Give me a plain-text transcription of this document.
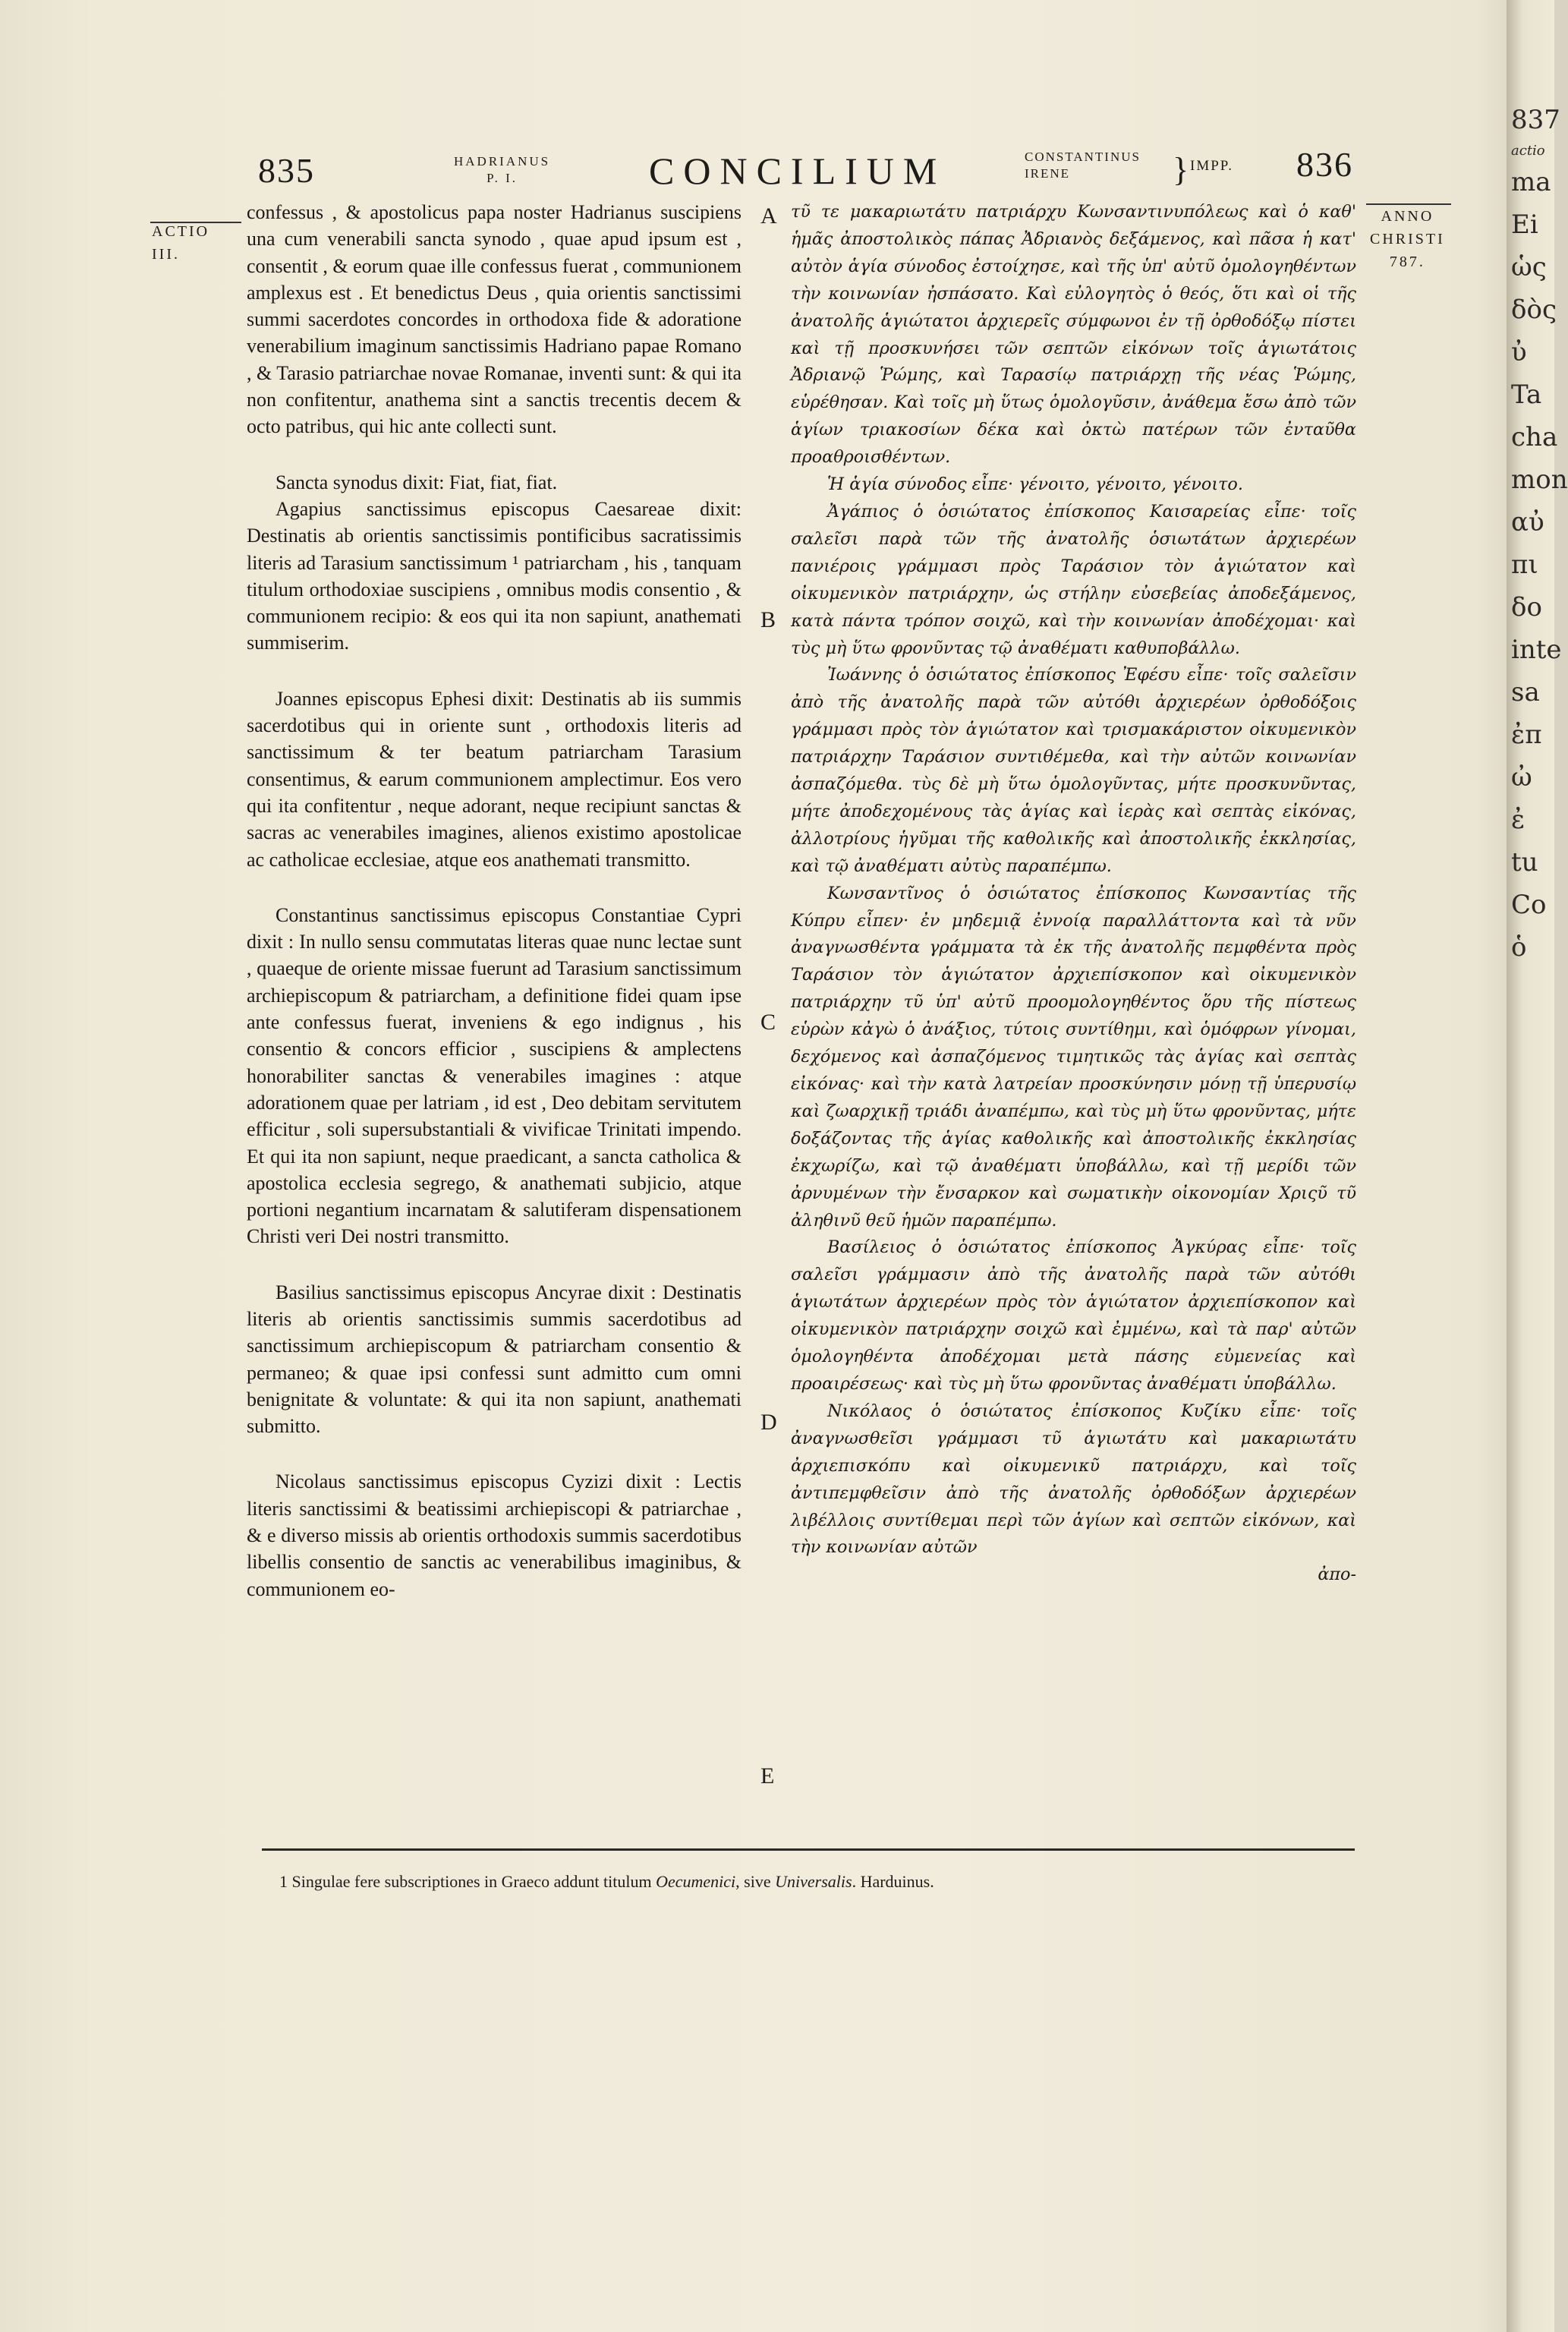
835	HADRIANUS
P. I.	CONCILIUM	CONSTANTINUS
IRENE	} IMPP. 836
ACTIO
III.
ANNO
CHRISTI
787.
A
B
C
D
E

confessus , & apostolicus papa noster Hadrianus suscipiens una cum venerabili sancta synodo , quae apud ipsum est , consentit , & eorum quae ille confessus fuerat , communionem amplexus est . Et benedictus Deus , quia orientis sanctissimi summi sacerdotes concordes in orthodoxa fide & adoratione venerabilium imaginum sanctissimis Hadriano papae Romano , & Tarasio patriarchae novae Romanae, inventi sunt: & qui ita non confitentur, anathema sint a sanctis trecentis decem & octo patribus, qui hic ante collecti sunt.

Sancta synodus dixit: Fiat, fiat, fiat.

Agapius sanctissimus episcopus Caesareae dixit: Destinatis ab orientis sanctissimis pontificibus sacratissimis literis ad Tarasium sanctissimum ¹ patriarcham , his , tanquam titulum orthodoxiae suscipiens , omnibus modis consentio , & communionem recipio: & eos qui ita non sapiunt, anathemati summiserim.

Joannes episcopus Ephesi dixit: Destinatis ab iis summis sacerdotibus qui in oriente sunt , orthodoxis literis ad sanctissimum & ter beatum patriarcham Tarasium consentimus, & earum communionem amplectimur. Eos vero qui ita confitentur , neque adorant, neque recipiunt sanctas & sacras ac venerabiles imagines, alienos existimo apostolicae ac catholicae ecclesiae, atque eos anathemati transmitto.

Constantinus sanctissimus episcopus Constantiae Cypri dixit : In nullo sensu commutatas literas quae nunc lectae sunt , quaeque de oriente missae fuerunt ad Tarasium sanctissimum archiepiscopum & patriarcham, a definitione fidei quam ipse ante confessus fuerat, inveniens & ego indignus , his consentio & concors efficior , suscipiens & amplectens honorabiliter sanctas & venerabiles imagines : atque adorationem quae per latriam , id est , Deo debitam servitutem efficitur , soli supersubstantiali & vivificae Trinitati impendo. Et qui ita non sapiunt, neque praedicant, a sancta catholica & apostolica ecclesia segrego, & anathemati subjicio, atque portioni negantium incarnatam & salutiferam dispensationem Christi veri Dei nostri transmitto.

Basilius sanctissimus episcopus Ancyrae dixit : Destinatis literis ab orientis sanctissimis summis sacerdotibus ad sanctissimum archiepiscopum & patriarcham consentio & permaneo; & quae ipsi confessi sunt admitto cum omni benignitate & voluntate: & qui ita non sapiunt, anathemati submitto.

Nicolaus sanctissimus episcopus Cyzizi dixit : Lectis literis sanctissimi & beatissimi archiepiscopi & patriarchae , & e diverso missis ab orientis orthodoxis summis sacerdotibus libellis consentio de sanctis ac venerabilibus imaginibus, & communionem eo-

τῦ τε μακαριωτάτυ πατριάρχυ Κωνσαντινυπόλεως καὶ ὁ καθ' ἡμᾶς ἀποστολικὸς πάπας Ἀδριανὸς δεξάμενος, καὶ πᾶσα ἡ κατ' αὐτὸν ἁγία σύνοδος ἐστοίχησε, καὶ τῆς ὑπ' αὐτῦ ὁμολογηθέντων τὴν κοινωνίαν ἠσπάσατο. Καὶ εὐλογητὸς ὁ θεός, ὅτι καὶ οἱ τῆς ἀνατολῆς ἁγιώτατοι ἀρχιερεῖς σύμφωνοι ἐν τῇ ὀρθοδόξῳ πίστει καὶ τῇ προσκυνήσει τῶν σεπτῶν εἰκόνων τοῖς ἁγιωτάτοις Ἀδριανῷ Ῥώμης, καὶ Ταρασίῳ πατριάρχῃ τῆς νέας Ῥώμης, εὑρέθησαν. Καὶ τοῖς μὴ ὕτως ὁμολογῦσιν, ἀνάθεμα ἔσω ἀπὸ τῶν ἁγίων τριακοσίων δέκα καὶ ὀκτὼ πατέρων τῶν ἐνταῦθα προαθροισθέντων.

Ἡ ἁγία σύνοδος εἶπε· γένοιτο, γένοιτο, γένοιτο.

Ἀγάπιος ὁ ὁσιώτατος ἐπίσκοπος Καισαρείας εἶπε· τοῖς σαλεῖσι παρὰ τῶν τῆς ἀνατολῆς ὁσιωτάτων ἀρχιερέων πανιέροις γράμμασι πρὸς Ταράσιον τὸν ἁγιώτατον καὶ οἰκυμενικὸν πατριάρχην, ὡς στήλην εὐσεβείας ἀποδεξάμενος, κατὰ πάντα τρόπον σοιχῶ, καὶ τὴν κοινωνίαν ἀποδέχομαι· καὶ τὺς μὴ ὕτω φρονῦντας τῷ ἀναθέματι καθυποβάλλω.

Ἰωάννης ὁ ὁσιώτατος ἐπίσκοπος Ἐφέσυ εἶπε· τοῖς σαλεῖσιν ἀπὸ τῆς ἀνατολῆς παρὰ τῶν αὐτόθι ἀρχιερέων ὀρθοδόξοις γράμμασι πρὸς τὸν ἁγιώτατον καὶ τρισμακάριστον οἰκυμενικὸν πατριάρχην Ταράσιον συντιθέμεθα, καὶ τὴν αὐτῶν κοινωνίαν ἀσπαζόμεθα. τὺς δὲ μὴ ὕτω ὁμολογῦντας, μήτε προσκυνῦντας, μήτε ἀποδεχομένους τὰς ἁγίας καὶ ἱερὰς καὶ σεπτὰς εἰκόνας, ἀλλοτρίους ἡγῦμαι τῆς καθολικῆς καὶ ἀποστολικῆς ἐκκλησίας, καὶ τῷ ἀναθέματι αὐτὺς παραπέμπω.

Κωνσαντῖνος ὁ ὁσιώτατος ἐπίσκοπος Κωνσαντίας τῆς Κύπρυ εἶπεν· ἐν μηδεμιᾷ ἐννοίᾳ παραλλάττοντα καὶ τὰ νῦν ἀναγνωσθέντα γράμματα τὰ ἐκ τῆς ἀνατολῆς πεμφθέντα πρὸς Ταράσιον τὸν ἁγιώτατον ἀρχιεπίσκοπον καὶ οἰκυμενικὸν πατριάρχην τῦ ὑπ' αὐτῦ προομολογηθέντος ὅρυ τῆς πίστεως εὑρὼν κἀγὼ ὁ ἀνάξιος, τύτοις συντίθημι, καὶ ὁμόφρων γίνομαι, δεχόμενος καὶ ἀσπαζόμενος τιμητικῶς τὰς ἁγίας καὶ σεπτὰς εἰκόνας· καὶ τὴν κατὰ λατρείαν προσκύνησιν μόνῃ τῇ ὑπερυσίῳ καὶ ζωαρχικῇ τριάδι ἀναπέμπω, καὶ τὺς μὴ ὕτω φρονῦντας, μήτε δοξάζοντας τῆς ἁγίας καθολικῆς καὶ ἀποστολικῆς ἐκκλησίας ἐκχωρίζω, καὶ τῷ ἀναθέματι ὑποβάλλω, καὶ τῇ μερίδι τῶν ἀρνυμένων τὴν ἔνσαρκον καὶ σωματικὴν οἰκονομίαν Χριςῦ τῦ ἀληθινῦ θεῦ ἡμῶν παραπέμπω.

Βασίλειος ὁ ὁσιώτατος ἐπίσκοπος Ἀγκύρας εἶπε· τοῖς σαλεῖσι γράμμασιν ἀπὸ τῆς ἀνατολῆς παρὰ τῶν αὐτόθι ἁγιωτάτων ἀρχιερέων πρὸς τὸν ἁγιώτατον ἀρχιεπίσκοπον καὶ οἰκυμενικὸν πατριάρχην σοιχῶ καὶ ἐμμένω, καὶ τὰ παρ' αὐτῶν ὁμολογηθέντα ἀποδέχομαι μετὰ πάσης εὐμενείας καὶ προαιρέσεως· καὶ τὺς μὴ ὕτω φρονῦντας ἀναθέματι ὑποβάλλω.

Νικόλαος ὁ ὁσιώτατος ἐπίσκοπος Κυζίκυ εἶπε· τοῖς ἀναγνωσθεῖσι γράμμασι τῦ ἁγιωτάτυ καὶ μακαριωτάτυ ἀρχιεπισκόπυ καὶ οἰκυμενικῦ πατριάρχυ, καὶ τοῖς ἀντιπεμφθεῖσιν ἀπὸ τῆς ἀνατολῆς ὀρθοδόξων ἀρχιερέων λιβέλλοις συντίθεμαι περὶ τῶν ἁγίων καὶ σεπτῶν εἰκόνων, καὶ τὴν κοινωνίαν αὐτῶν

ἀπο-

1 Singulae fere subscriptiones in Graeco addunt titulum Oecumenici, sive Universalis. Harduinus.
837
actio
ma
Ei
ὡς
δὸς
ὐ
Ta
cha
mon
αὐ
πι
δο
inte
sa
ἐπ
ὠ
ἐ
tu
Co
ὁ
